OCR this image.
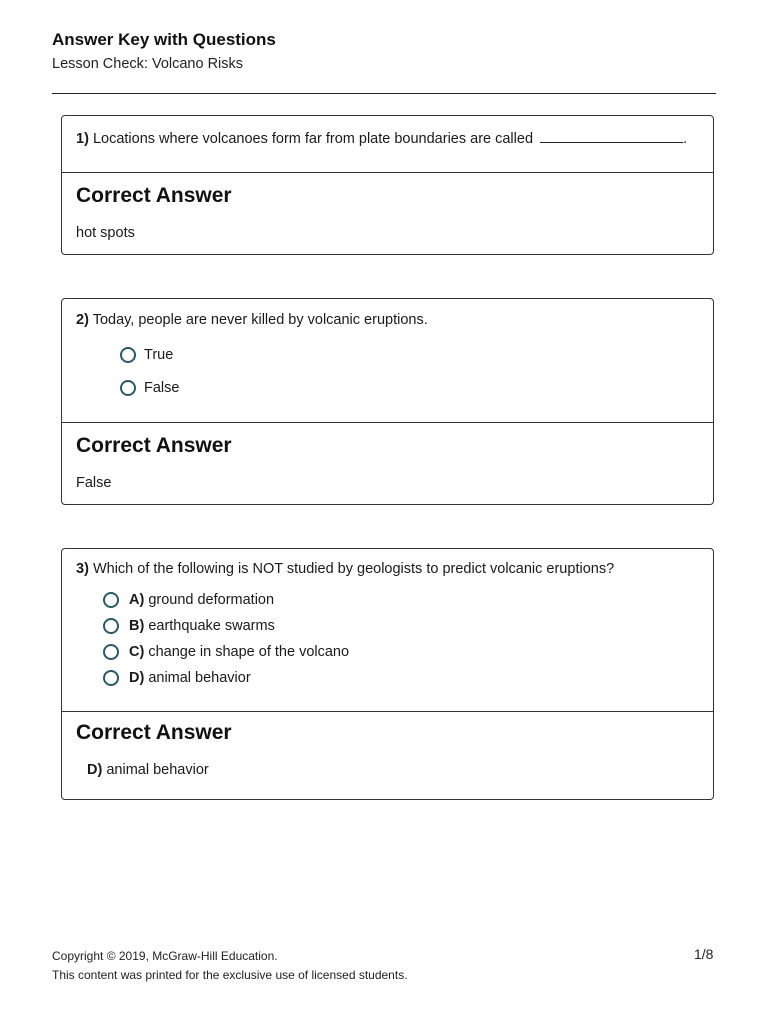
Answer Key with Questions
Lesson Check: Volcano Risks
1) Locations where volcanoes form far from plate boundaries are called	.
Correct Answer
hot spots
2) Today, people are never killed by volcanic eruptions.
True
False
Correct Answer
False
3) Which of the following is NOT studied by geologists to predict volcanic eruptions?
A) ground deformation
B) earthquake swarms
C) change in shape of the volcano
D) animal behavior
Correct Answer
D) animal behavior
Copyright © 2019, McGraw-Hill Education.
This content was printed for the exclusive use of licensed students.
1/8
